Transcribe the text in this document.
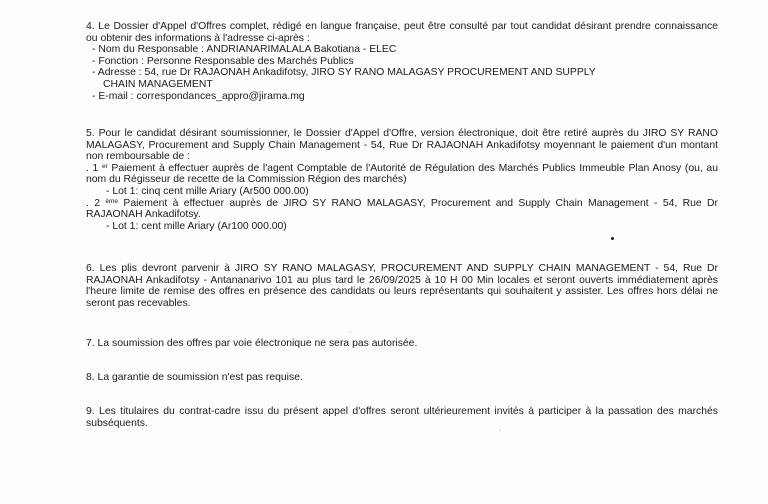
4. Le Dossier d'Appel d'Offres complet, rédigé en langue française, peut être consulté par tout candidat désirant prendre connaissance ou obtenir des informations à l'adresse ci-après :

- Nom du Responsable : ANDRIANARIMALALA Bakotiana - ELEC

- Fonction : Personne Responsable des Marchés Publics

- Adresse : 54, rue Dr RAJAONAH Ankadifotsy, JIRO SY RANO MALAGASY PROCUREMENT AND SUPPLY

CHAIN MANAGEMENT

- E-mail : correspondances_appro@jirama.mg

5. Pour le candidat désirant soumissionner, le Dossier d'Appel d'Offre, version électronique, doit être retiré auprès du JIRO SY RANO MALAGASY, Procurement and Supply Chain Management - 54, Rue Dr RAJAONAH Ankadifotsy moyennant le paiement d'un montant non remboursable de :

. 1 $^{er}$ Paiement à effectuer auprès de l'agent Comptable de l'Autorité de Régulation des Marchés Publics Immeuble Plan Anosy (ou, au nom du Régisseur de recette de la Commission Région des marchés)

- Lot 1: cinq cent mille Ariary (Ar500 000.00)

. 2 $^{ème}$ Paiement à effectuer auprès de JIRO SY RANO MALAGASY, Procurement and Supply Chain Management - 54, Rue Dr RAJAONAH Ankadifotsy.

- Lot 1: cent mille Ariary (Ar100 000.00)

6. Les plis devront parvenir à JIRO SY RANO MALAGASY, PROCUREMENT AND SUPPLY CHAIN MANAGEMENT - 54, Rue Dr RAJAONAH Ankadifotsy - Antananarivo 101 au plus tard le 26/09/2025 à 10 H 00 Min locales et seront ouverts immédiatement après l'heure limite de remise des offres en présence des candidats ou leurs représentants qui souhaitent y assister. Les offres hors délai ne seront pas recevables.

7. La soumission des offres par voie électronique ne sera pas autorisée.

8. La garantie de soumission n'est pas requise.

9. Les titulaires du contrat-cadre issu du présent appel d'offres seront ultérieurement invités à participer à la passation des marchés subséquents.
